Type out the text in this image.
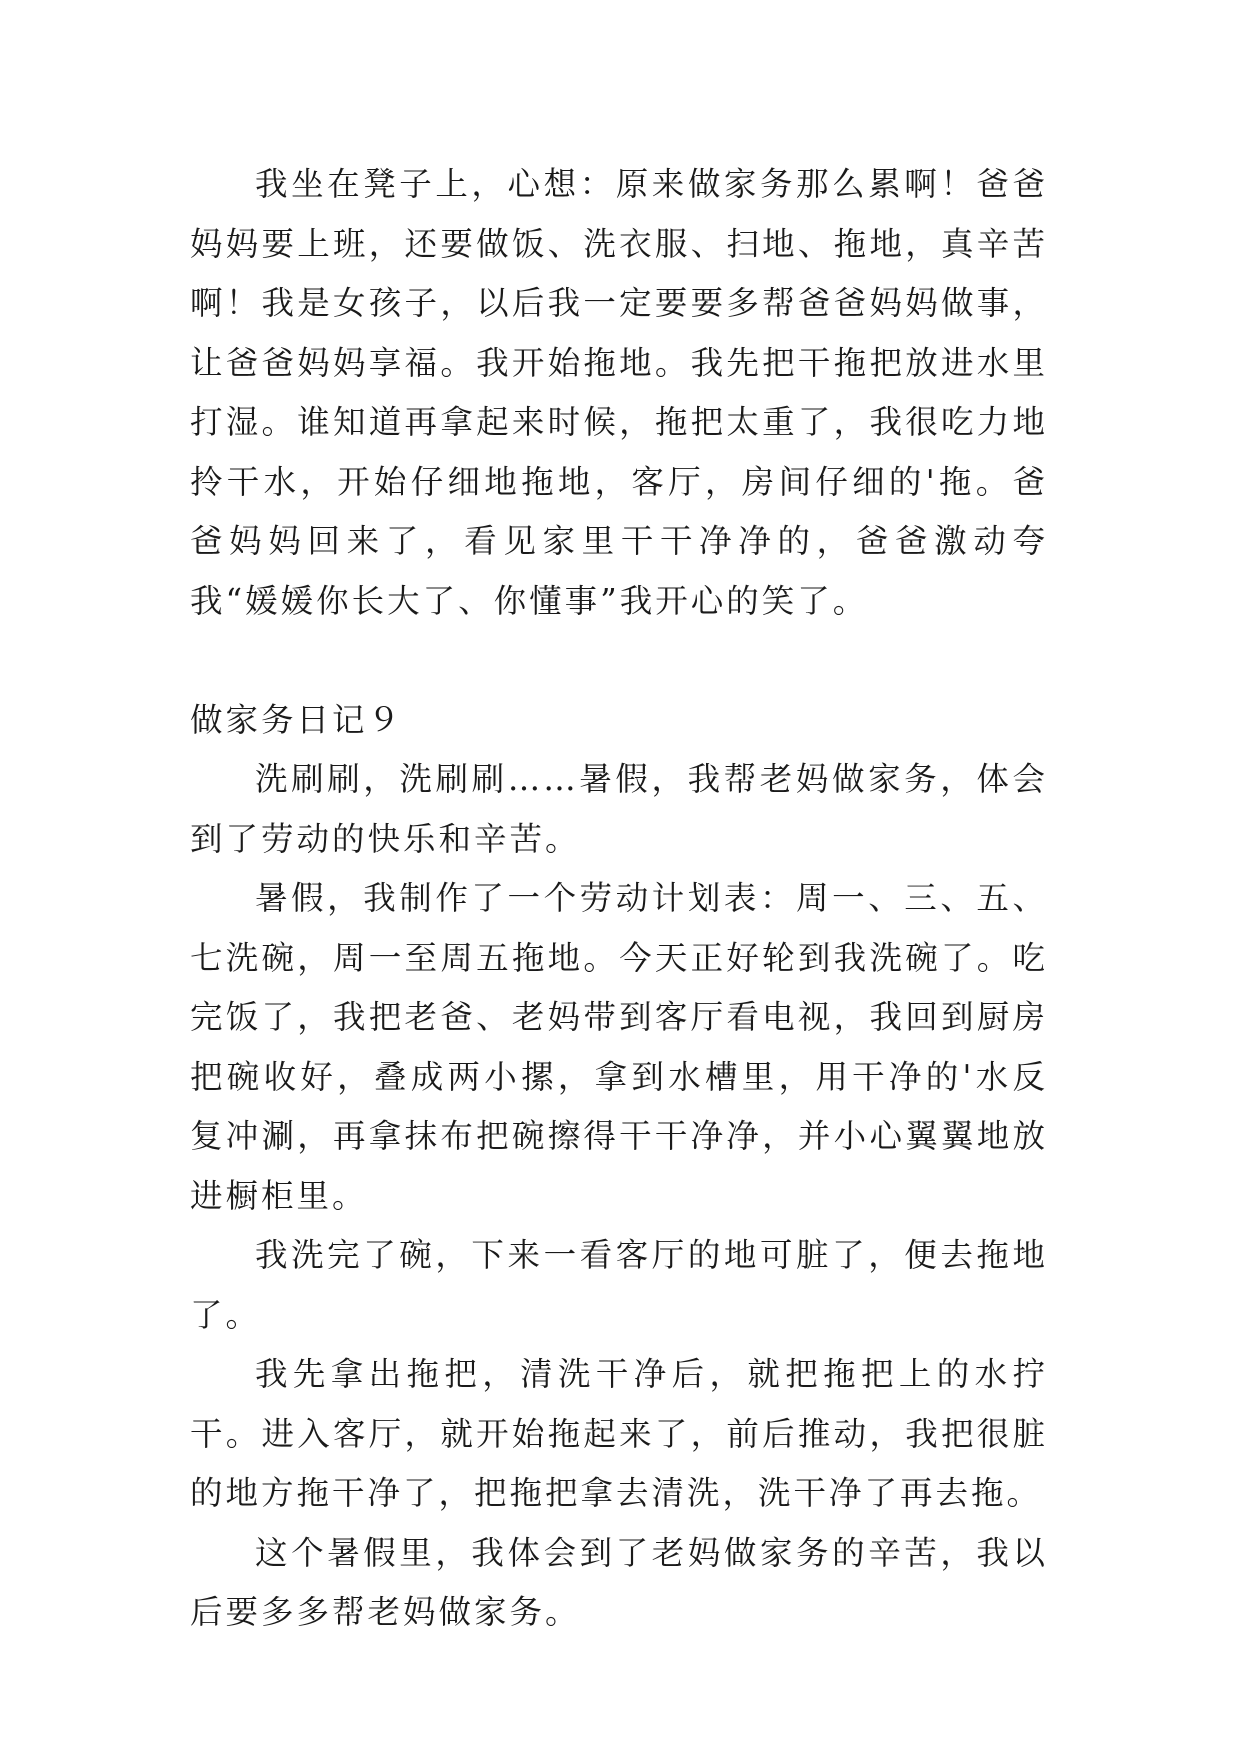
我坐在凳子上，心想：原来做家务那么累啊！爸爸妈妈要上班，还要做饭、洗衣服、扫地、拖地，真辛苦啊！我是女孩子，以后我一定要要多帮爸爸妈妈做事，让爸爸妈妈享福。我开始拖地。我先把干拖把放进水里打湿。谁知道再拿起来时候，拖把太重了，我很吃力地拎干水，开始仔细地拖地，客厅，房间仔细的'拖。爸爸妈妈回来了，看见家里干干净净的，爸爸激动夸我“媛媛你长大了、你懂事”我开心的笑了。

做家务日记９

洗刷刷，洗刷刷……暑假，我帮老妈做家务，体会到了劳动的快乐和辛苦。

暑假，我制作了一个劳动计划表：周一、三、五、七洗碗，周一至周五拖地。今天正好轮到我洗碗了。吃完饭了，我把老爸、老妈带到客厅看电视，我回到厨房把碗收好，叠成两小摞，拿到水槽里，用干净的'水反复冲涮，再拿抹布把碗擦得干干净净，并小心翼翼地放进橱柜里。

我洗完了碗，下来一看客厅的地可脏了，便去拖地了。

我先拿出拖把，清洗干净后，就把拖把上的水拧干。进入客厅，就开始拖起来了，前后推动，我把很脏的地方拖干净了，把拖把拿去清洗，洗干净了再去拖。

这个暑假里，我体会到了老妈做家务的辛苦，我以后要多多帮老妈做家务。
